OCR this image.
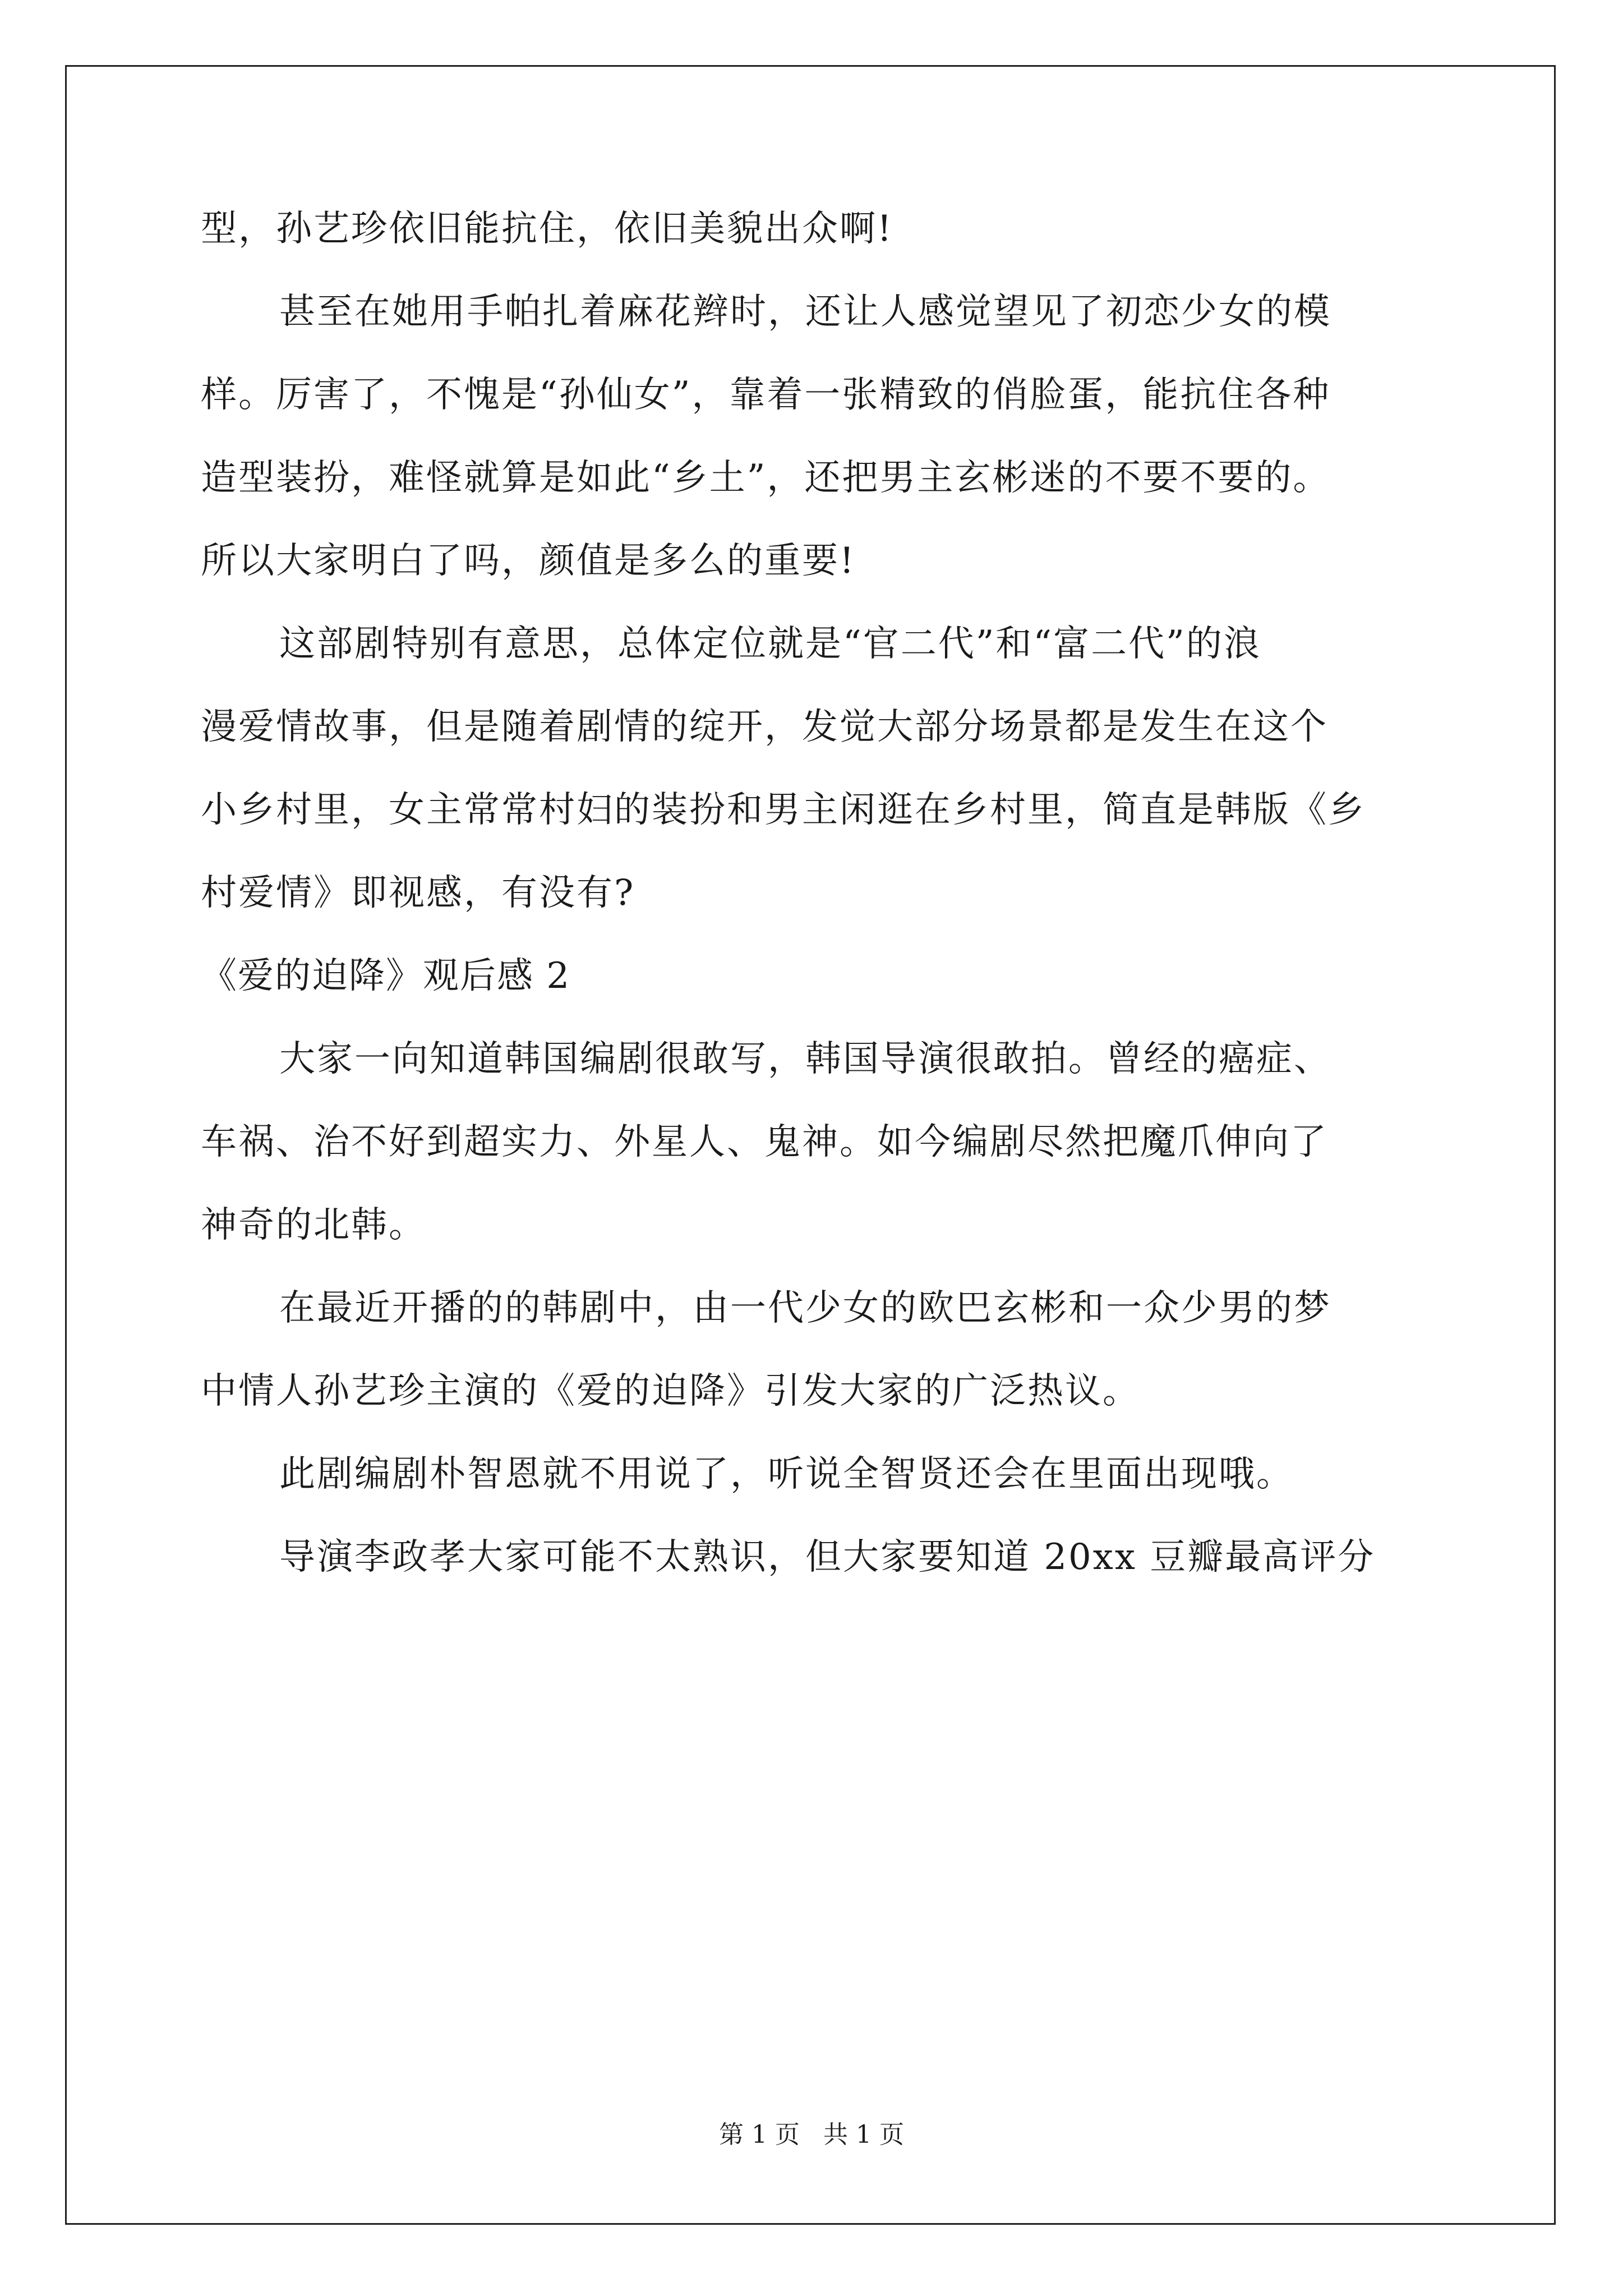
型，孙艺珍依旧能抗住，依旧美貌出众啊!
甚至在她用手帕扎着麻花辫时，还让人感觉望见了初恋少女的模
样。厉害了，不愧是“孙仙女”，靠着一张精致的俏脸蛋，能抗住各种
造型装扮，难怪就算是如此“乡土”，还把男主玄彬迷的不要不要的。
所以大家明白了吗，颜值是多么的重要!
这部剧特别有意思，总体定位就是“官二代”和“富二代”的浪
漫爱情故事，但是随着剧情的绽开，发觉大部分场景都是发生在这个
小乡村里，女主常常村妇的装扮和男主闲逛在乡村里，简直是韩版《乡
村爱情》即视感，有没有?
《爱的迫降》观后感 2
大家一向知道韩国编剧很敢写，韩国导演很敢拍。曾经的癌症、
车祸、治不好到超实力、外星人、鬼神。如今编剧尽然把魔爪伸向了
神奇的北韩。
在最近开播的的韩剧中，由一代少女的欧巴玄彬和一众少男的梦
中情人孙艺珍主演的《爱的迫降》引发大家的广泛热议。
此剧编剧朴智恩就不用说了，听说全智贤还会在里面出现哦。
导演李政孝大家可能不太熟识，但大家要知道 20xx 豆瓣最高评分
第 1 页   共 1 页
